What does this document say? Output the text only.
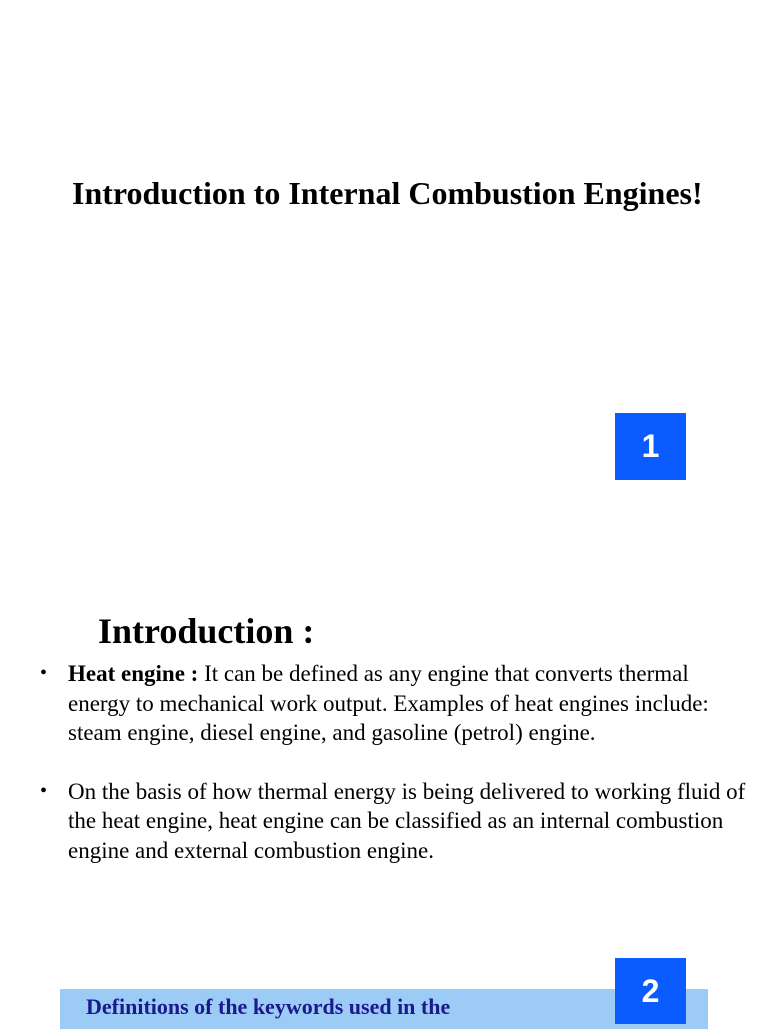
Introduction to Internal Combustion Engines!
1
Introduction :
• Heat engine : It can be defined as any engine that converts thermal energy to mechanical work output. Examples of heat engines include: steam engine, diesel engine, and gasoline (petrol) engine.
• On the basis of how thermal energy is being delivered to working fluid of the heat engine, heat engine can be classified as an internal combustion engine and external combustion engine.
Definitions of the keywords used in the	2
